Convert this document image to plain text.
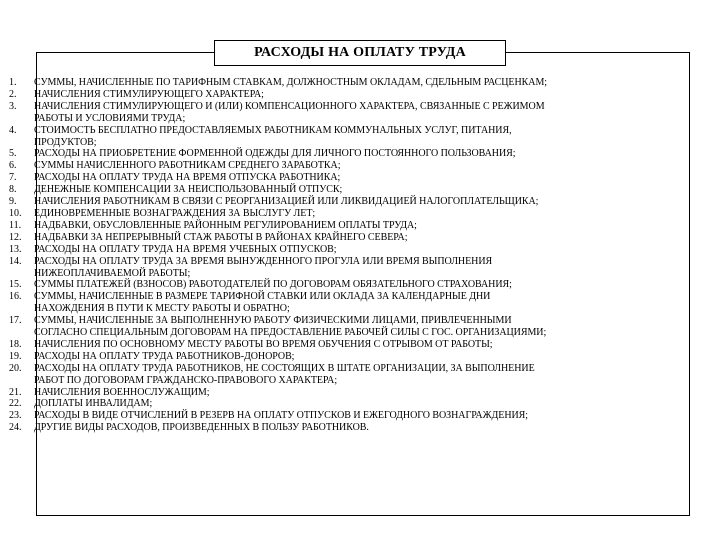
РАСХОДЫ НА ОПЛАТУ ТРУДА
1.	СУММЫ, НАЧИСЛЕННЫЕ ПО ТАРИФНЫМ СТАВКАМ, ДОЛЖНОСТНЫМ ОКЛАДАМ, СДЕЛЬНЫМ РАСЦЕНКАМ;
2.	НАЧИСЛЕНИЯ СТИМУЛИРУЮЩЕГО ХАРАКТЕРА;
3.	НАЧИСЛЕНИЯ СТИМУЛИРУЮЩЕГО И (ИЛИ) КОМПЕНСАЦИОННОГО ХАРАКТЕРА, СВЯЗАННЫЕ С РЕЖИМОМ
РАБОТЫ И УСЛОВИЯМИ ТРУДА;
4.	СТОИМОСТЬ БЕСПЛАТНО ПРЕДОСТАВЛЯЕМЫХ РАБОТНИКАМ КОММУНАЛЬНЫХ УСЛУГ, ПИТАНИЯ,
ПРОДУКТОВ;
5.	РАСХОДЫ НА ПРИОБРЕТЕНИЕ ФОРМЕННОЙ ОДЕЖДЫ ДЛЯ ЛИЧНОГО ПОСТОЯННОГО ПОЛЬЗОВАНИЯ;
6.	СУММЫ НАЧИСЛЕННОГО РАБОТНИКАМ СРЕДНЕГО ЗАРАБОТКА;
7.	РАСХОДЫ НА ОПЛАТУ ТРУДА НА ВРЕМЯ ОТПУСКА РАБОТНИКА;
8.	ДЕНЕЖНЫЕ КОМПЕНСАЦИИ ЗА НЕИСПОЛЬЗОВАННЫЙ ОТПУСК;
9.	НАЧИСЛЕНИЯ РАБОТНИКАМ В СВЯЗИ С РЕОРГАНИЗАЦИЕЙ ИЛИ ЛИКВИДАЦИЕЙ НАЛОГОПЛАТЕЛЬЩИКА;
10.	ЕДИНОВРЕМЕННЫЕ ВОЗНАГРАЖДЕНИЯ ЗА ВЫСЛУГУ ЛЕТ;
11.	НАДБАВКИ, ОБУСЛОВЛЕННЫЕ РАЙОННЫМ РЕГУЛИРОВАНИЕМ ОПЛАТЫ ТРУДА;
12.	НАДБАВКИ ЗА НЕПРЕРЫВНЫЙ СТАЖ РАБОТЫ В РАЙОНАХ КРАЙНЕГО СЕВЕРА;
13.	РАСХОДЫ НА ОПЛАТУ ТРУДА НА ВРЕМЯ УЧЕБНЫХ ОТПУСКОВ;
14.	РАСХОДЫ НА ОПЛАТУ ТРУДА ЗА ВРЕМЯ ВЫНУЖДЕННОГО ПРОГУЛА ИЛИ ВРЕМЯ ВЫПОЛНЕНИЯ
НИЖЕОПЛАЧИВАЕМОЙ РАБОТЫ;
15.	СУММЫ ПЛАТЕЖЕЙ (ВЗНОСОВ) РАБОТОДАТЕЛЕЙ ПО ДОГОВОРАМ ОБЯЗАТЕЛЬНОГО СТРАХОВАНИЯ;
16.	СУММЫ, НАЧИСЛЕННЫЕ В РАЗМЕРЕ ТАРИФНОЙ СТАВКИ ИЛИ ОКЛАДА ЗА КАЛЕНДАРНЫЕ ДНИ
НАХОЖДЕНИЯ В ПУТИ К МЕСТУ РАБОТЫ И ОБРАТНО;
17.	СУММЫ, НАЧИСЛЕННЫЕ ЗА ВЫПОЛНЕННУЮ РАБОТУ ФИЗИЧЕСКИМИ ЛИЦАМИ, ПРИВЛЕЧЕННЫМИ
СОГЛАСНО СПЕЦИАЛЬНЫМ ДОГОВОРАМ НА ПРЕДОСТАВЛЕНИЕ РАБОЧЕЙ СИЛЫ С ГОС. ОРГАНИЗАЦИЯМИ;
18.	НАЧИСЛЕНИЯ ПО ОСНОВНОМУ МЕСТУ РАБОТЫ ВО ВРЕМЯ ОБУЧЕНИЯ С ОТРЫВОМ ОТ РАБОТЫ;
19.	РАСХОДЫ НА ОПЛАТУ ТРУДА РАБОТНИКОВ-ДОНОРОВ;
20.	РАСХОДЫ НА ОПЛАТУ ТРУДА РАБОТНИКОВ, НЕ СОСТОЯЩИХ В ШТАТЕ ОРГАНИЗАЦИИ, ЗА ВЫПОЛНЕНИЕ
РАБОТ ПО ДОГОВОРАМ ГРАЖДАНСКО-ПРАВОВОГО ХАРАКТЕРА;
21.	НАЧИСЛЕНИЯ ВОЕННОСЛУЖАЩИМ;
22.	ДОПЛАТЫ ИНВАЛИДАМ;
23.	РАСХОДЫ В ВИДЕ ОТЧИСЛЕНИЙ В РЕЗЕРВ НА ОПЛАТУ ОТПУСКОВ И ЕЖЕГОДНОГО ВОЗНАГРАЖДЕНИЯ;
24.	ДРУГИЕ ВИДЫ РАСХОДОВ, ПРОИЗВЕДЕННЫХ В ПОЛЬЗУ РАБОТНИКОВ.
